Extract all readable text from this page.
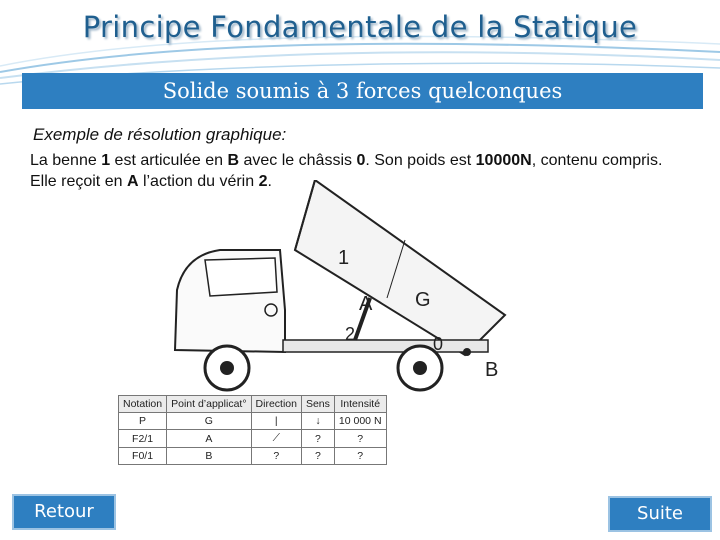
Principe Fondamentale de la Statique
Solide soumis à 3 forces quelconques
Exemple de résolution graphique:
La benne 1 est articulée en B avec le châssis 0. Son poids est 10000N, contenu compris.
Elle reçoit en A l’action du vérin 2.
1
2	0
A G
B
Notation	Point d’applicat°	Direction	Sens	Intensité
P	G	|	↓	10 000 N
F2/1	A	⟋	?	?
F0/1	B	?	?	?
Retour	Suite
